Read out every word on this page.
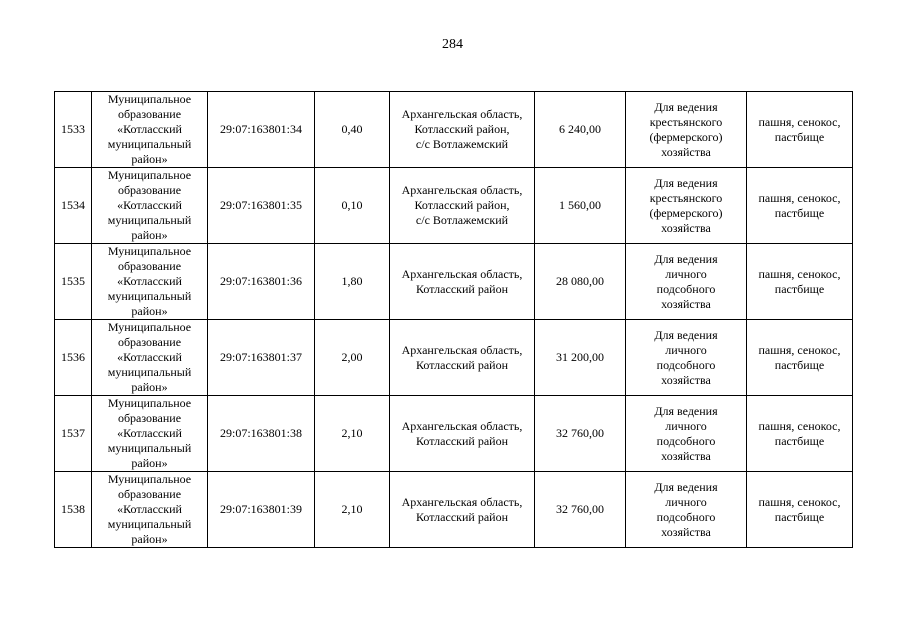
284
1533	Муниципальное
образование
«Котласский
муниципальный
район»	29:07:163801:34	0,40	Архангельская область,
Котласский район,
с/с Вотлажемский	6 240,00	Для ведения
крестьянского
(фермерского)
хозяйства	пашня, сенокос,
пастбище
1534	Муниципальное
образование
«Котласский
муниципальный
район»	29:07:163801:35	0,10	Архангельская область,
Котласский район,
с/с Вотлажемский	1 560,00	Для ведения
крестьянского
(фермерского)
хозяйства	пашня, сенокос,
пастбище
1535	Муниципальное
образование
«Котласский
муниципальный
район»	29:07:163801:36	1,80	Архангельская область,
Котласский район	28 080,00	Для ведения
личного
подсобного
хозяйства	пашня, сенокос,
пастбище
1536	Муниципальное
образование
«Котласский
муниципальный
район»	29:07:163801:37	2,00	Архангельская область,
Котласский район	31 200,00	Для ведения
личного
подсобного
хозяйства	пашня, сенокос,
пастбище
1537	Муниципальное
образование
«Котласский
муниципальный
район»	29:07:163801:38	2,10	Архангельская область,
Котласский район	32 760,00	Для ведения
личного
подсобного
хозяйства	пашня, сенокос,
пастбище
1538	Муниципальное
образование
«Котласский
муниципальный
район»	29:07:163801:39	2,10	Архангельская область,
Котласский район	32 760,00	Для ведения
личного
подсобного
хозяйства	пашня, сенокос,
пастбище
